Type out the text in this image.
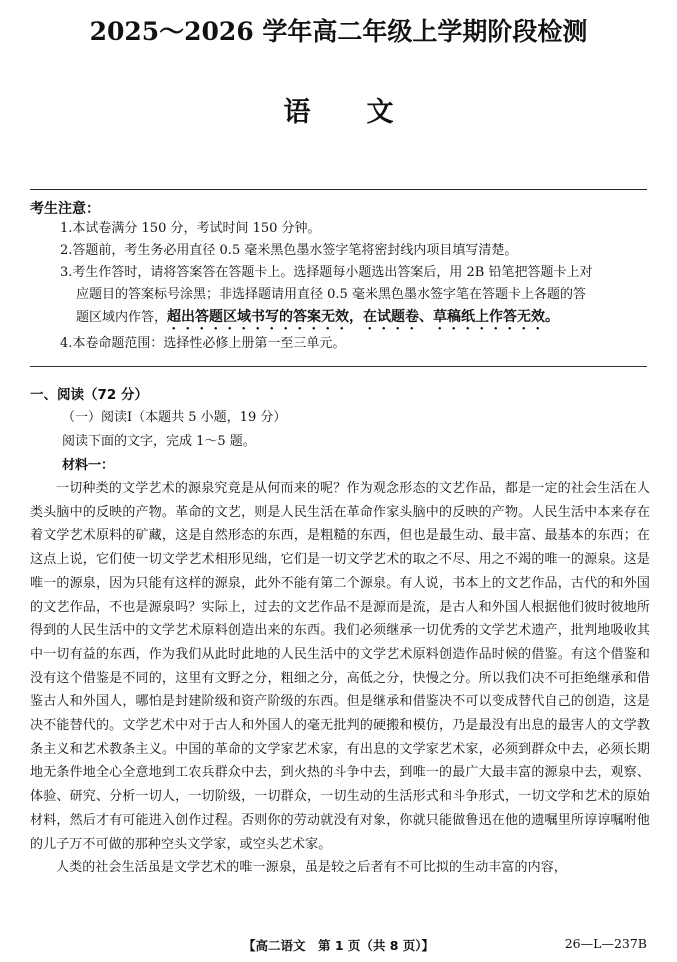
2025～2026 学年高二年级上学期阶段检测
语文
考生注意：
1.本试卷满分 150 分，考试时间 150 分钟。
2.答题前，考生务必用直径 0.5 毫米黑色墨水签字笔将密封线内项目填写清楚。
3.考生作答时，请将答案答在答题卡上。选择题每小题选出答案后，用 2B 铅笔把答题卡上对
应题目的答案标号涂黑；非选择题请用直径 0.5 毫米黑色墨水签字笔在答题卡上各题的答
题区域内作答，超出答题区域书写的答案无效，在试题卷、草稿纸上作答无效。
4.本卷命题范围：选择性必修上册第一至三单元。
一、阅读（72 分）
（一）阅读Ⅰ（本题共 5 小题，19 分）
阅读下面的文字，完成 1～5 题。
材料一：

一切种类的文学艺术的源泉究竟是从何而来的呢？作为观念形态的文艺作品，都是一定的社会生活在人类头脑中的反映的产物。革命的文艺，则是人民生活在革命作家头脑中的反映的产物。人民生活中本来存在着文学艺术原料的矿藏，这是自然形态的东西，是粗糙的东西，但也是最生动、最丰富、最基本的东西；在这点上说，它们使一切文学艺术相形见绌，它们是一切文学艺术的取之不尽、用之不竭的唯一的源泉。这是唯一的源泉，因为只能有这样的源泉，此外不能有第二个源泉。有人说，书本上的文艺作品，古代的和外国的文艺作品，不也是源泉吗？实际上，过去的文艺作品不是源而是流，是古人和外国人根据他们彼时彼地所得到的人民生活中的文学艺术原料创造出来的东西。我们必须继承一切优秀的文学艺术遗产，批判地吸收其中一切有益的东西，作为我们从此时此地的人民生活中的文学艺术原料创造作品时候的借鉴。有这个借鉴和没有这个借鉴是不同的，这里有文野之分，粗细之分，高低之分，快慢之分。所以我们决不可拒绝继承和借鉴古人和外国人，哪怕是封建阶级和资产阶级的东西。但是继承和借鉴决不可以变成替代自己的创造，这是决不能替代的。文学艺术中对于古人和外国人的毫无批判的硬搬和模仿，乃是最没有出息的最害人的文学教条主义和艺术教条主义。中国的革命的文学家艺术家，有出息的文学家艺术家，必须到群众中去，必须长期地无条件地全心全意地到工农兵群众中去，到火热的斗争中去，到唯一的最广大最丰富的源泉中去，观察、体验、研究、分析一切人，一切阶级，一切群众，一切生动的生活形式和斗争形式，一切文学和艺术的原始材料，然后才有可能进入创作过程。否则你的劳动就没有对象，你就只能做鲁迅在他的遗嘱里所谆谆嘱咐他的儿子万不可做的那种空头文学家，或空头艺术家。

人类的社会生活虽是文学艺术的唯一源泉，虽是较之后者有不可比拟的生动丰富的内容，

【高二语文　第 1 页（共 8 页）】	26—L—237B
